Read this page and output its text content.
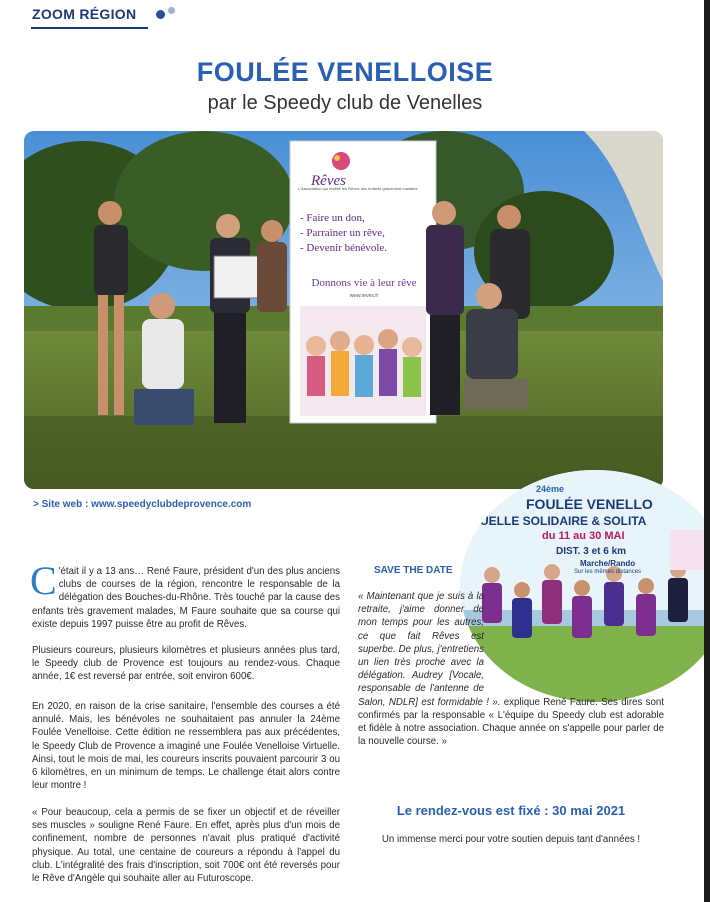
ZOOM RÉGION
FOULÉE VENELLOISE
par le Speedy club de Venelles
Rêves
L'Association qui réalise les Rêves des enfants gravement malades
- Faire un don,
- Parrainer un rêve,
- Devenir bénévole.
Donnons vie à leur rêve
www.reves.fr
> Site web : www.speedyclubdeprovence.com
24ème
FOULÉE VENELLO
UELLE SOLIDAIRE & SOLITA
du 11 au 30 MAI
DIST. 3 et 6 km
Marche/Rando
Sur les mêmes distances

C 'était il y a 13 ans… René Faure, président d'un des plus anciens clubs de courses de la région, rencontre le responsable de la délégation des Bouches-du-Rhône. Très touché par la cause des enfants très gravement malades, M Faure souhaite que sa course qui existe depuis 1997 puisse être au profit de Rêves.

Plusieurs coureurs, plusieurs kilomètres et plusieurs années plus tard, le Speedy club de Provence est toujours au rendez-vous. Chaque année, 1€ est reversé par entrée, soit environ 600€.

En 2020, en raison de la crise sanitaire, l'ensemble des courses a été annulé. Mais, les bénévoles ne souhaitaient pas annuler la 24ème Foulée Venelloise. Cette édition ne ressemblera pas aux précédentes, le Speedy Club de Provence a imaginé une Foulée Venelloise Virtuelle. Ainsi, tout le mois de mai, les coureurs inscrits pouvaient parcourir 3 ou 6 kilomètres, en un minimum de temps. Le challenge était alors contre leur montre !

« Pour beaucoup, cela a permis de se fixer un objectif et de réveiller ses muscles » souligne René Faure. En effet, après plus d'un mois de confinement, nombre de personnes n'avait plus pratiqué d'activité physique. Au total, une centaine de coureurs a répondu à l'appel du club. L'intégralité des frais d'inscription, soit 700€ ont été reversés pour le Rêve d'Angèle qui souhaite aller au Futuroscope.

SAVE THE DATE

« Maintenant que je suis à la retraite, j'aime donner de mon temps pour les autres, ce que fait Rêves est superbe. De plus, j'entretiens un lien très proche avec la délégation. Audrey [Vocale, responsable de l'antenne de Salon, NDLR] est formidable ! ». explique René Faure. Ses dires sont confirmés par la responsable « L'équipe du Speedy club est adorable et fidèle à notre association. Chaque année on s'appelle pour parler de la nouvelle course. »

Le rendez-vous est fixé : 30 mai 2021
Un immense merci pour votre soutien depuis tant d'années !
